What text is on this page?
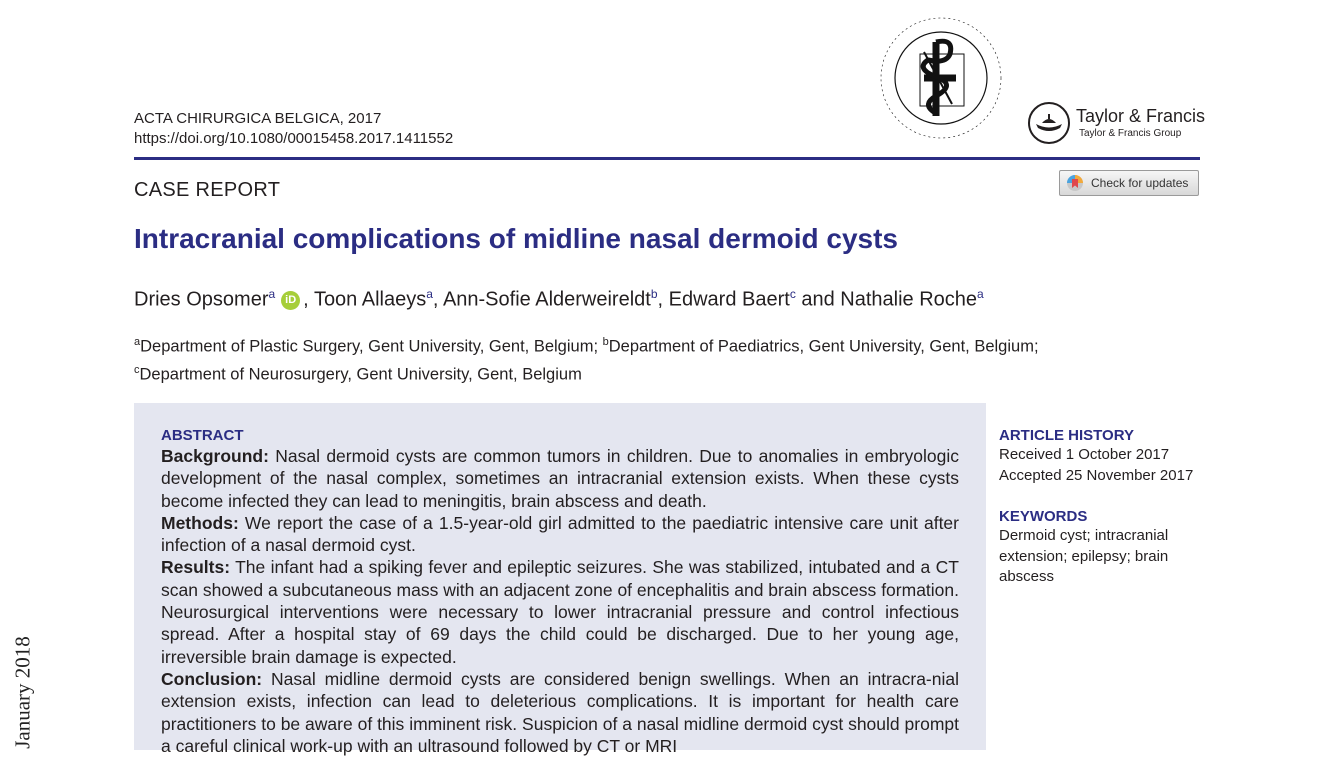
January 2018
ACTA CHIRURGICA BELGICA, 2017
https://doi.org/10.1080/00015458.2017.1411552
Taylor & Francis
Taylor & Francis Group
CASE REPORT	Check for updates
Intracranial complications of midline nasal dermoid cysts
Dries Opsomer$^a$ iD , Toon Allaeys$^a$, Ann-Sofie Alderweireldt$^b$, Edward Baert$^c$ and Nathalie Roche$^a$
$^a$Department of Plastic Surgery, Gent University, Gent, Belgium; $^b$Department of Paediatrics, Gent University, Gent, Belgium;
$^c$Department of Neurosurgery, Gent University, Gent, Belgium
ABSTRACT

Background: Nasal dermoid cysts are common tumors in children. Due to anomalies in embryologic development of the nasal complex, sometimes an intracranial extension exists. When these cysts become infected they can lead to meningitis, brain abscess and death.

Methods: We report the case of a 1.5-year-old girl admitted to the paediatric intensive care unit after infection of a nasal dermoid cyst.

Results: The infant had a spiking fever and epileptic seizures. She was stabilized, intubated and a CT scan showed a subcutaneous mass with an adjacent zone of encephalitis and brain abscess formation. Neurosurgical interventions were necessary to lower intracranial pressure and control infectious spread. After a hospital stay of 69 days the child could be discharged. Due to her young age, irreversible brain damage is expected.

Conclusion: Nasal midline dermoid cysts are considered benign swellings. When an intracra-nial extension exists, infection can lead to deleterious complications. It is important for health care practitioners to be aware of this imminent risk. Suspicion of a nasal midline dermoid cyst should prompt a careful clinical work-up with an ultrasound followed by CT or MRI

ARTICLE HISTORY
Received 1 October 2017
Accepted 25 November 2017
KEYWORDS
Dermoid cyst; intracranial extension; epilepsy; brain abscess
